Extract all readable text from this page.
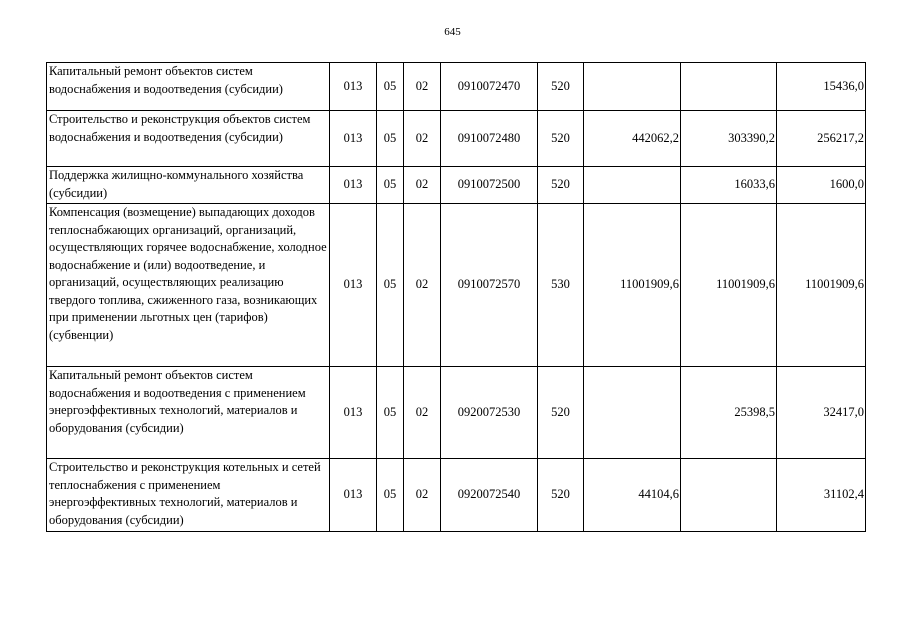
645
Капитальный ремонт объектов систем водоснабжения и водоотведения (субсидии)	013	05	02	0910072470	520			15436,0
Строительство и реконструкция объектов систем водоснабжения и водоотведения (субсидии)	013	05	02	0910072480	520	442062,2	303390,2	256217,2
Поддержка жилищно-коммунального хозяйства (субсидии)	013	05	02	0910072500	520		16033,6	1600,0
Компенсация (возмещение) выпадающих доходов теплоснабжающих организаций, организаций, осуществляющих горячее водоснабжение, холодное водоснабжение и (или) водоотведение, и организаций, осуществляющих реализацию твердого топлива, сжиженного газа, возникающих при применении льготных цен (тарифов) (субвенции)	013	05	02	0910072570	530	11001909,6	11001909,6	11001909,6
Капитальный ремонт объектов систем водоснабжения и водоотведения с применением энергоэффективных технологий, материалов и оборудования (субсидии)	013	05	02	0920072530	520		25398,5	32417,0
Строительство и реконструкция котельных и сетей теплоснабжения с применением энергоэффективных технологий, материалов и оборудования (субсидии)	013	05	02	0920072540	520	44104,6		31102,4
